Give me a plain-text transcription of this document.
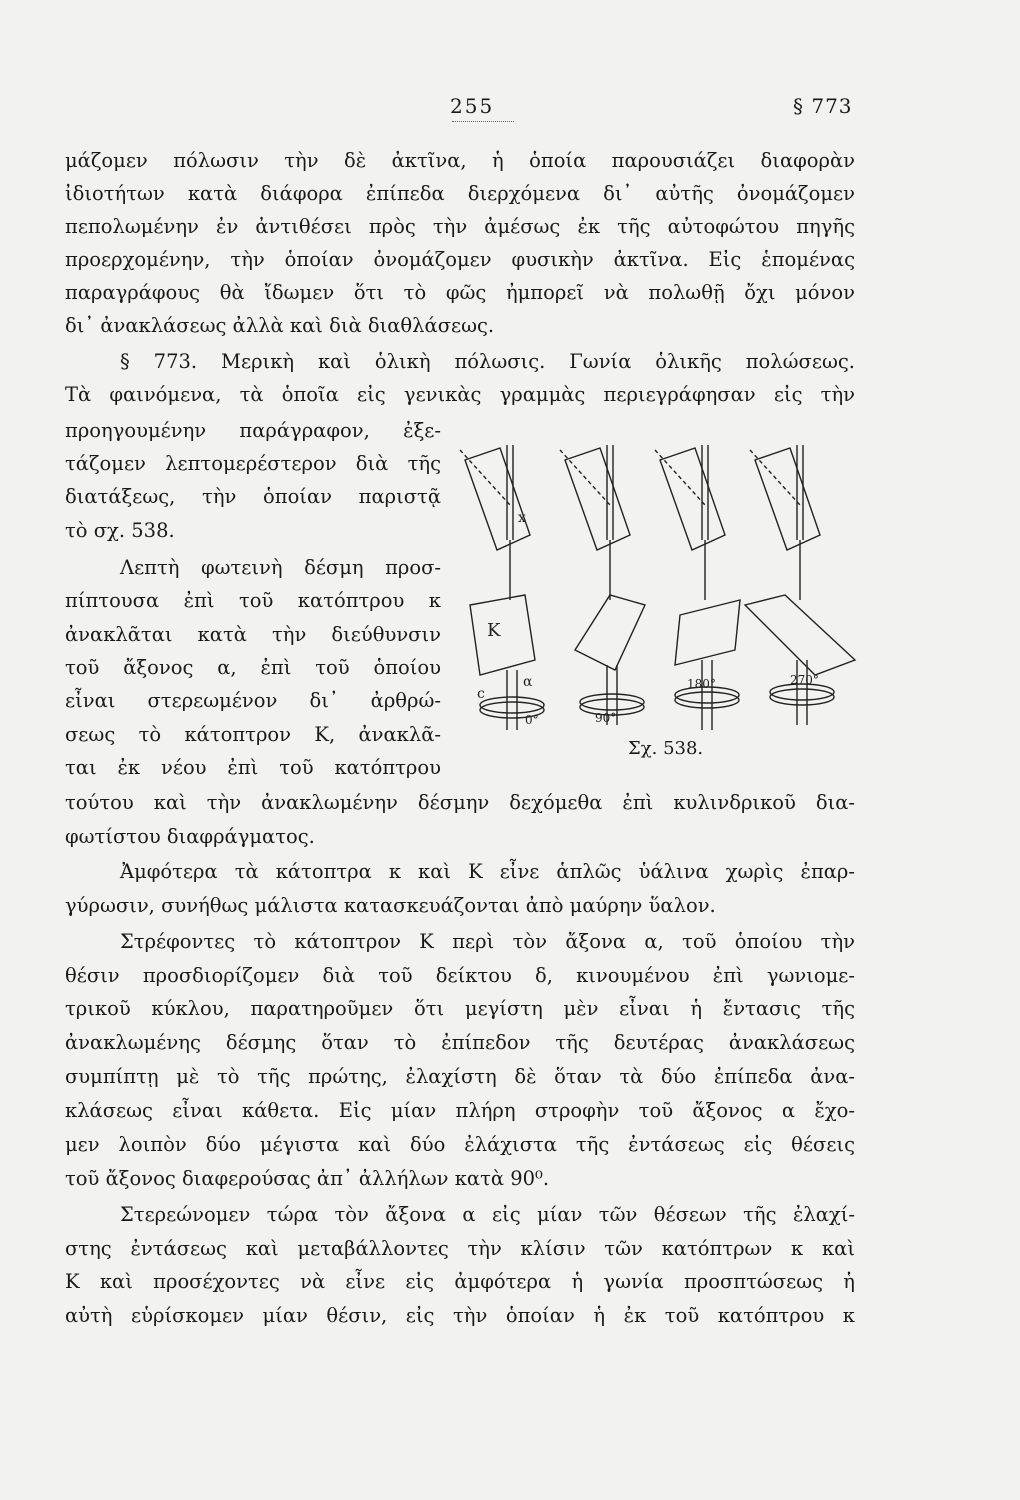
255	§ 773
μάζομεν πόλωσιν τὴν δὲ ἀκτῖνα, ἡ ὁποία παρουσιάζει διαφορὰν
ἰδιοτήτων κατὰ διάφορα ἐπίπεδα διερχόμενα δι᾽ αὐτῆς ὀνομάζομεν
πεπολωμένην ἐν ἀντιθέσει πρὸς τὴν ἀμέσως ἐκ τῆς αὐτοφώτου πηγῆς
προερχομένην, τὴν ὁποίαν ὀνομάζομεν φυσικὴν ἀκτῖνα. Εἰς ἑπομένας
παραγράφους θὰ ἴδωμεν ὅτι τὸ φῶς ἠμπορεῖ νὰ πολωθῇ ὄχι μόνον
δι᾽ ἀνακλάσεως ἀλλὰ καὶ διὰ διαθλάσεως.
§ 773. Μερικὴ καὶ ὁλικὴ πόλωσις. Γωνία ὁλικῆς πολώσεως.
Τὰ φαινόμενα, τὰ ὁποῖα εἰς γενικὰς γραμμὰς περιεγράφησαν εἰς τὴν
προηγουμένην παράγραφον, ἐξε-
τάζομεν λεπτομερέστερον διὰ τῆς
διατάξεως, τὴν ὁποίαν παριστᾷ
τὸ σχ. 538.
Λεπτὴ φωτεινὴ δέσμη προσ-
πίπτουσα ἐπὶ τοῦ κατόπτρου κ
ἀνακλᾶται κατὰ τὴν διεύθυνσιν
τοῦ ἄξονος α, ἐπὶ τοῦ ὁποίου
εἶναι στερεωμένον δι᾽ ἀρθρώ-
σεως τὸ κάτοπτρον Κ, ἀνακλᾶ-
ται ἐκ νέου ἐπὶ τοῦ κατόπτρου
τούτου καὶ τὴν ἀνακλωμένην δέσμην δεχόμεθα ἐπὶ κυλινδρικοῦ δια-
φωτίστου διαφράγματος.
Ἀμφότερα τὰ κάτοπτρα κ καὶ Κ εἶνε ἁπλῶς ὑάλινα χωρὶς ἐπαρ-
γύρωσιν, συνήθως μάλιστα κατασκευάζονται ἀπὸ μαύρην ὕαλον.
Στρέφοντες τὸ κάτοπτρον Κ περὶ τὸν ἄξονα α, τοῦ ὁποίου τὴν
θέσιν προσδιορίζομεν διὰ τοῦ δείκτου δ, κινουμένου ἐπὶ γωνιομε-
τρικοῦ κύκλου, παρατηροῦμεν ὅτι μεγίστη μὲν εἶναι ἡ ἔντασις τῆς
ἀνακλωμένης δέσμης ὅταν τὸ ἐπίπεδον τῆς δευτέρας ἀνακλάσεως
συμπίπτῃ μὲ τὸ τῆς πρώτης, ἐλαχίστη δὲ ὅταν τὰ δύο ἐπίπεδα ἀνα-
κλάσεως εἶναι κάθετα. Εἰς μίαν πλήρη στροφὴν τοῦ ἄξονος α ἔχο-
μεν λοιπὸν δύο μέγιστα καὶ δύο ἐλάχιστα τῆς ἐντάσεως εἰς θέσεις
τοῦ ἄξονος διαφερούσας ἀπ᾽ ἀλλήλων κατὰ 90⁰.
Στερεώνομεν τώρα τὸν ἄξονα α εἰς μίαν τῶν θέσεων τῆς ἐλαχί-
στης ἐντάσεως καὶ μεταβάλλοντες τὴν κλίσιν τῶν κατόπτρων κ καὶ
Κ καὶ προσέχοντες νὰ εἶνε εἰς ἀμφότερα ἡ γωνία προσπτώσεως ἡ
αὐτὴ εὑρίσκομεν μίαν θέσιν, εἰς τὴν ὁποίαν ἡ ἐκ τοῦ κατόπτρου κ
x
K
α
c
0°	90°
180°	270°
Σχ. 538.
